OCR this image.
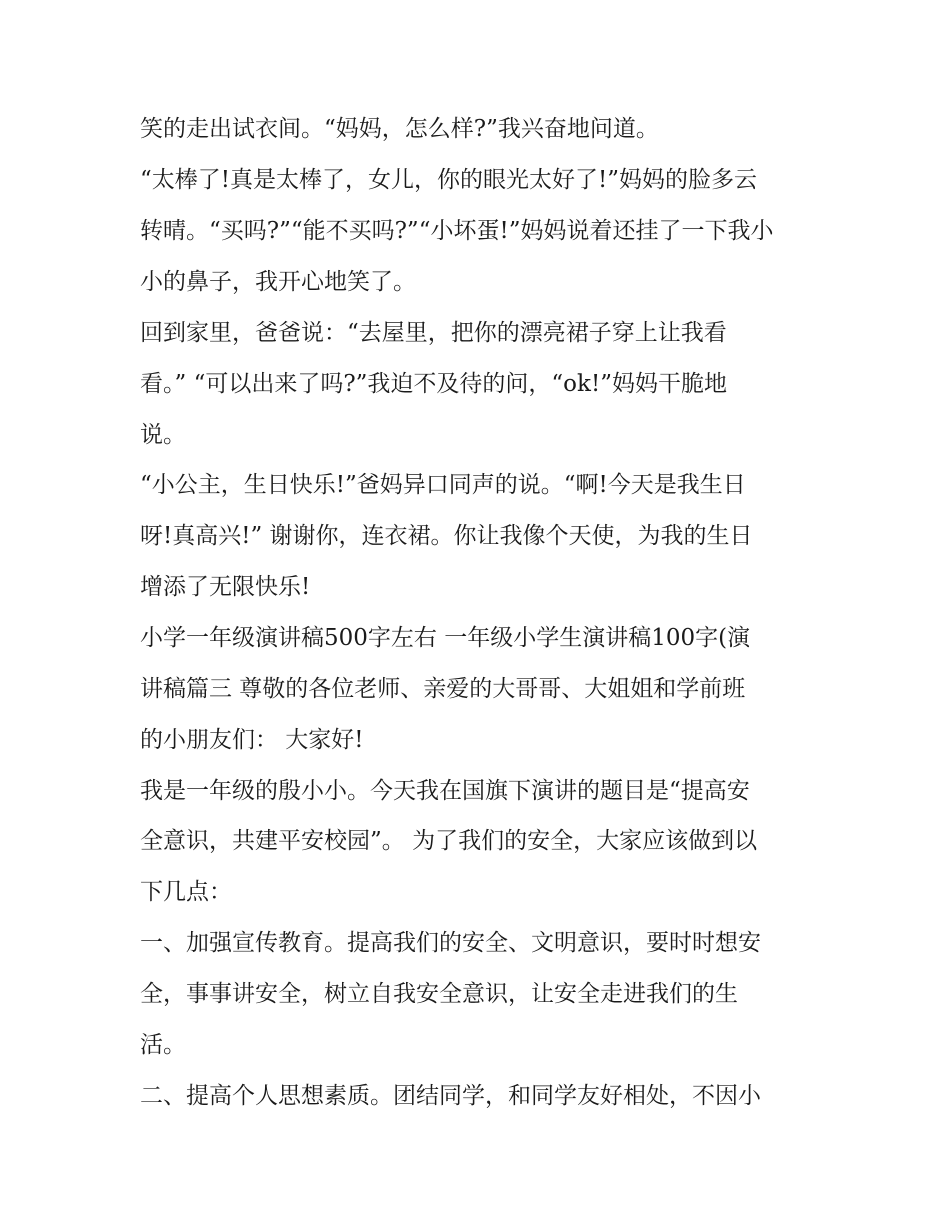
笑的走出试衣间。“妈妈，怎么样?”我兴奋地问道。
“太棒了!真是太棒了，女儿，你的眼光太好了!”妈妈的脸多云
转晴。“买吗?”“能不买吗?”“小坏蛋!”妈妈说着还挂了一下我小
小的鼻子，我开心地笑了。
回到家里，爸爸说：“去屋里，把你的漂亮裙子穿上让我看
看。” “可以出来了吗?”我迫不及待的问，“ok!”妈妈干脆地
说。
“小公主，生日快乐!”爸妈异口同声的说。“啊!今天是我生日
呀!真高兴!” 谢谢你，连衣裙。你让我像个天使，为我的生日
增添了无限快乐!
小学一年级演讲稿500字左右 一年级小学生演讲稿100字(演
讲稿篇三 尊敬的各位老师、亲爱的大哥哥、大姐姐和学前班
的小朋友们： 大家好!
我是一年级的殷小小。今天我在国旗下演讲的题目是“提高安
全意识，共建平安校园”。 为了我们的安全，大家应该做到以
下几点：
一、加强宣传教育。提高我们的安全、文明意识，要时时想安
全，事事讲安全，树立自我安全意识，让安全走进我们的生
活。
二、提高个人思想素质。团结同学，和同学友好相处，不因小
